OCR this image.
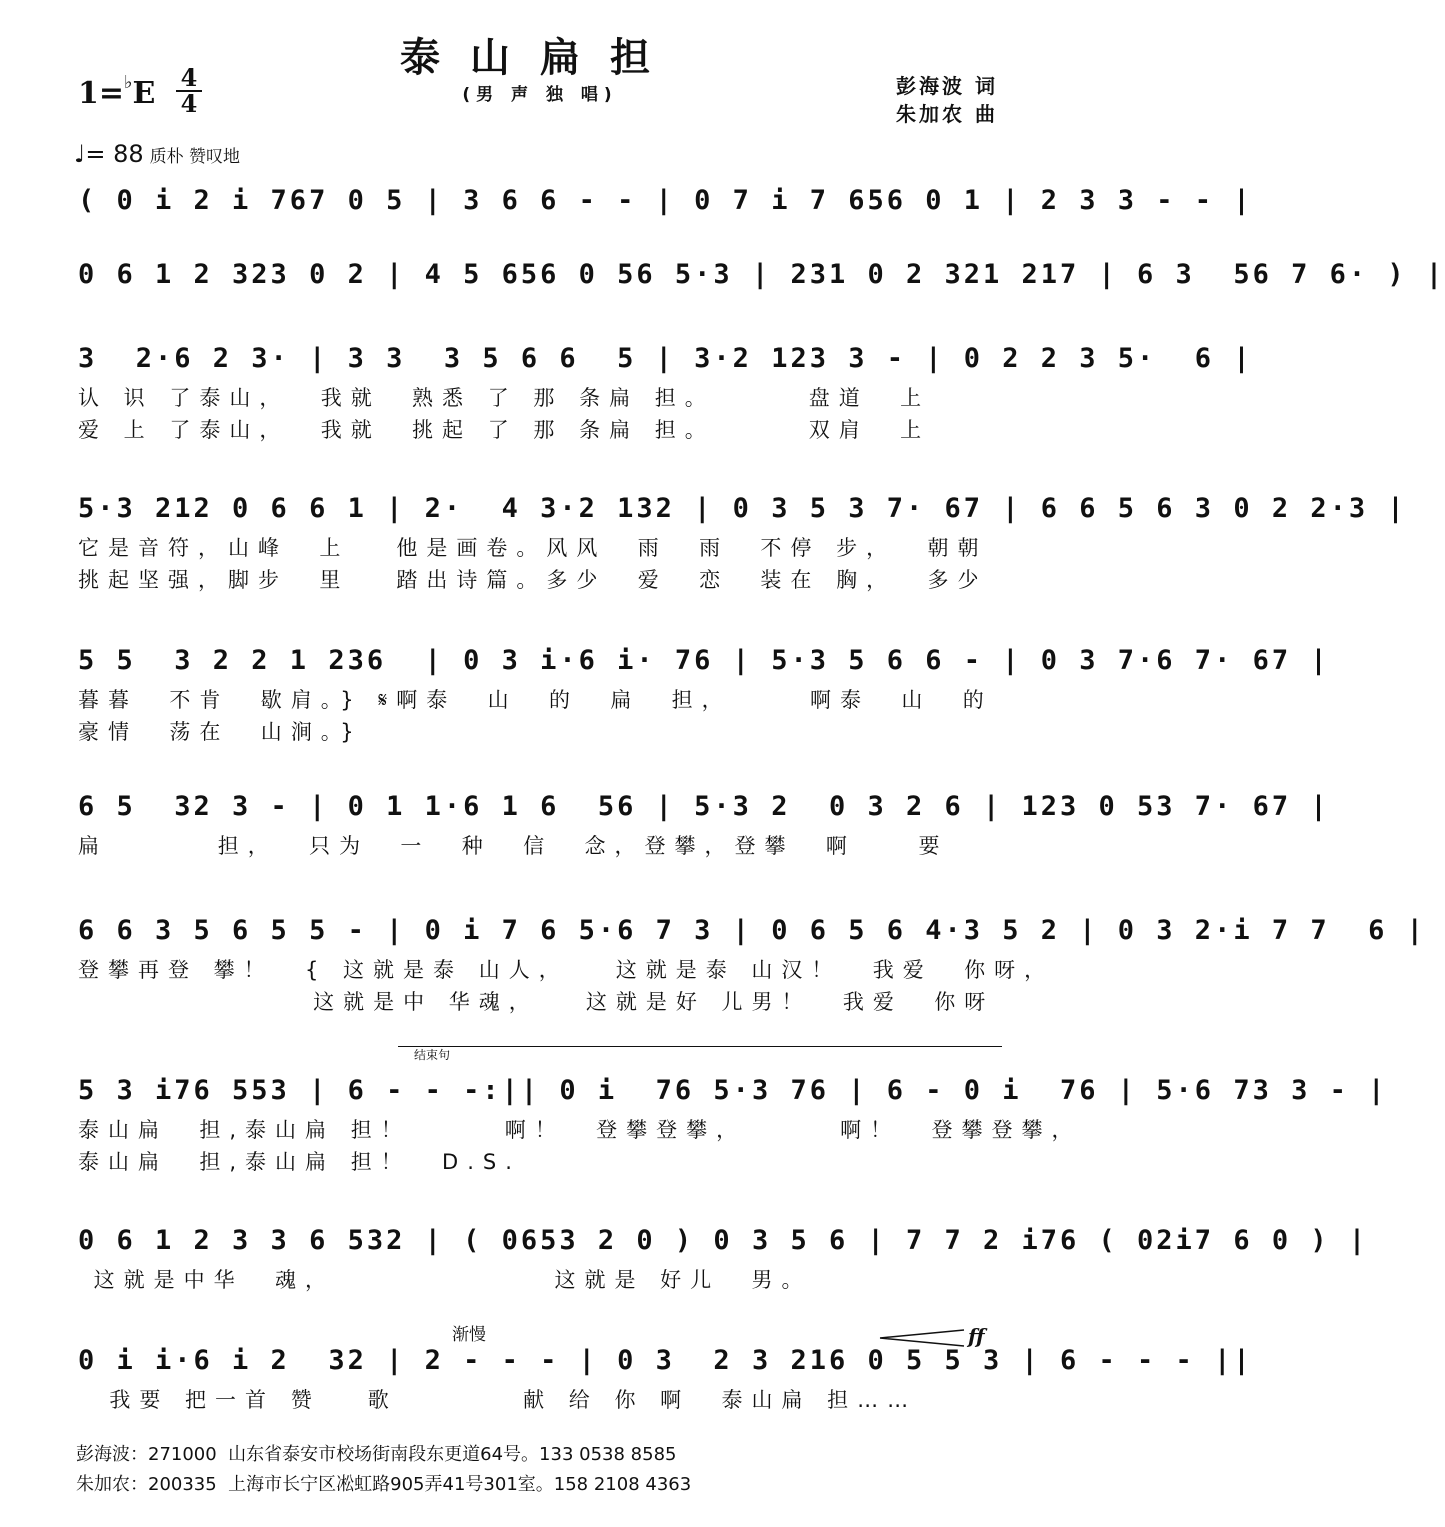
泰山扁担
(男 声 独 唱)	彭海波 词
朱加农 曲
1=♭E 4
4
♩= 88 质朴 赞叹地
( 0 i 2 i 767 0 5 | 3 6 6 - - | 0 7 i 7 656 0 1 | 2 3 3 - - |
0 6 1 2 323 0 2 | 4 5 656 0 56 5·3 | 231 0 2 321 217 | 6 3  56 7 6· ) |
3  2·6 2 3· | 3 3  3 5 6 6  5 | 3·2 123 3 - | 0 2 2 3 5·  6 |
认 识 了泰山，  我就  熟悉 了 那 条扁 担。      盘道  上
爱 上 了泰山，  我就  挑起 了 那 条扁 担。      双肩  上
5·3 212 0 6 6 1 | 2·  4 3·2 132 | 0 3 5 3 7· 67 | 6 6 5 6 3 0 2 2·3 |
它是音符，山峰  上   他是画卷。风风  雨  雨  不停 步，  朝朝
挑起坚强，脚步  里   踏出诗篇。多少  爱  恋  装在 胸，  多少
5 5  3 2 2 1 236  | 0 3 i·6 i· 76 | 5·3 5 6 6 - | 0 3 7·6 7· 67 |
暮暮  不肯  歇肩。} 𝄋啊泰  山  的  扁  担，     啊泰  山  的
豪情  荡在  山涧。}
6 5  32 3 - | 0 1 1·6 1 6  56 | 5·3 2  0 3 2 6 | 123 0 53 7· 67 |
扁       担，  只为  一  种  信  念，登攀，登攀  啊    要
6 6 3 5 6 5 5 - | 0 i 7 6 5·6 7 3 | 0 6 5 6 4·3 5 2 | 0 3 2·i 7 7  6 |
登攀再登 攀！  { 这就是泰 山人，   这就是泰 山汉！  我爱  你呀，
这就是中 华魂，   这就是好 儿男！  我爱  你呀
结束句
5 3 i76 553 | 6 - - -:|| 0 i  76 5·3 76 | 6 - 0 i  76 | 5·6 73 3 - |
泰山扁  担,泰山扁 担！      啊！  登攀登攀，      啊！  登攀登攀，
泰山扁  担,泰山扁 担！  D.S.
0 6 1 2 3 3 6 532 | ( 0653 2 0 ) 0 3 5 6 | 7 7 2 i76 ( 02i7 6 0 ) |
这就是中华  魂，              这就是 好儿  男。
渐慢	ff
0 i i·6 i 2  32 | 2 - - - | 0 3  2 3 216 0 5 5 3 | 6 - - - ||
我要 把一首 赞   歌        献 给 你 啊  泰山扁 担……
彭海波：271000  山东省泰安市校场街南段东更道64号。133 0538 8585
朱加农：200335  上海市长宁区凇虹路905弄41号301室。158 2108 4363
